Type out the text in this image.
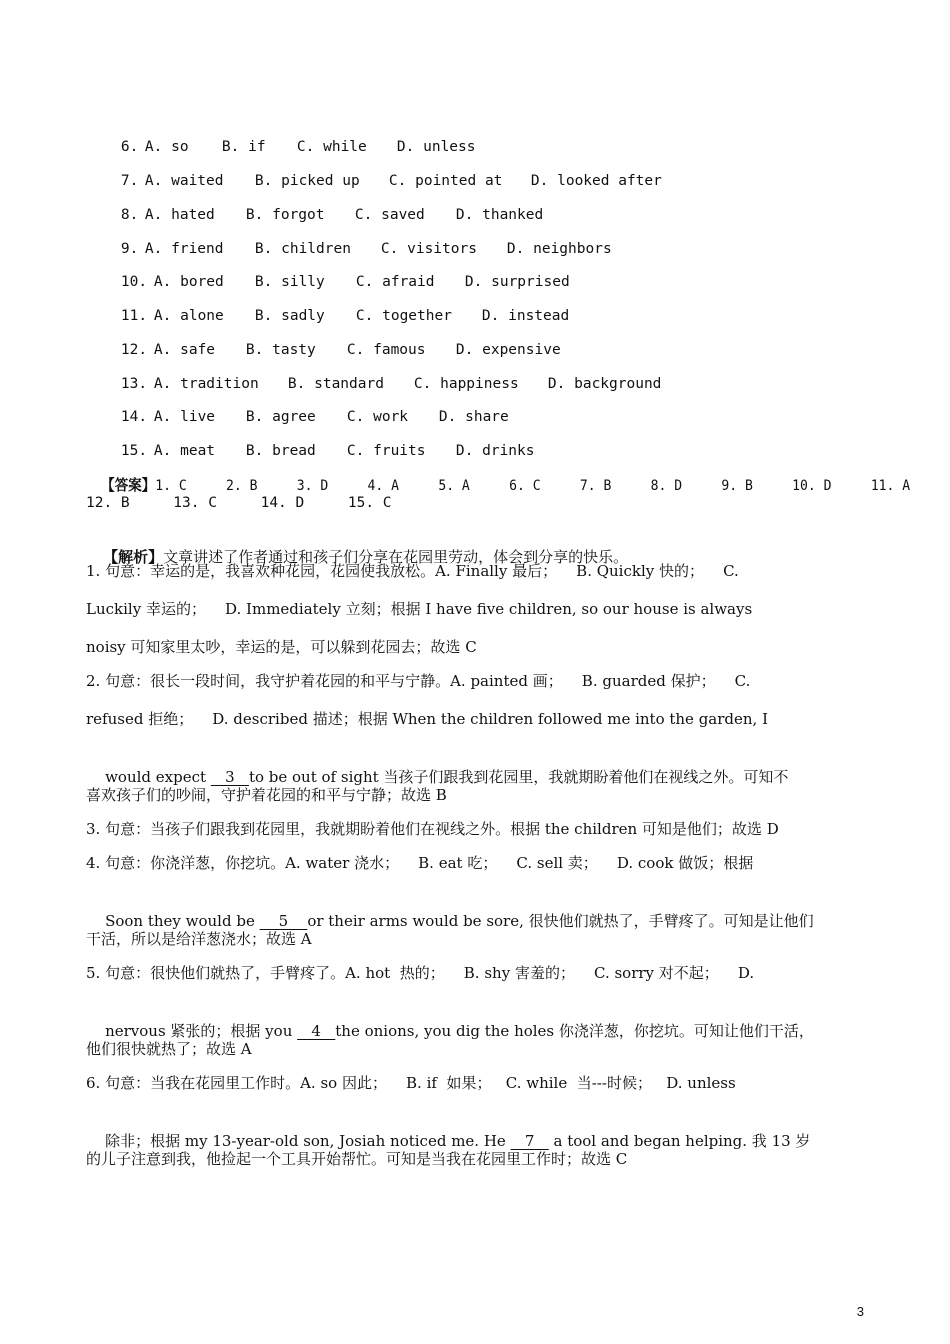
6. A. so B. if C. while D. unless

7. A. waited B. picked up C. pointed at D. looked after

8. A. hated B. forgot C. saved D. thanked

9. A. friend B. children C. visitors D. neighbors

10. A. bored B. silly C. afraid D. surprised

11. A. alone B. sadly C. together D. instead

12. A. safe B. tasty C. famous D. expensive

13. A. tradition B. standard C. happiness D. background

14. A. live B. agree C. work D. share

15. A. meat B. bread C. fruits D. drinks

【答案】1. C     2. B     3. D     4. A     5. A     6. C     7. B     8. D     9. B     10. D     11. A

12. B     13. C     14. D     15. C

【解析】文章讲述了作者通过和孩子们分享在花园里劳动，体会到分享的快乐。

1. 句意：幸运的是，我喜欢种花园，花园使我放松。A. Finally 最后；    B. Quickly 快的；    C.
Luckily 幸运的；    D. Immediately 立刻；根据 I have five children, so our house is always
noisy 可知家里太吵，幸运的是，可以躲到花园去；故选 C
2. 句意：很长一段时间，我守护着花园的和平与宁静。A. painted 画；    B. guarded 保护；    C.
refused 拒绝；    D. described 描述；根据 When the children followed me into the garden, I

would expect    3   to be out of sight 当孩子们跟我到花园里，我就期盼着他们在视线之外。可知不

喜欢孩子们的吵闹，守护着花园的和平与宁静；故选 B
3. 句意：当孩子们跟我到花园里，我就期盼着他们在视线之外。根据 the children 可知是他们；故选 D
4. 句意：你浇洋葱，你挖坑。A. water 浇水；    B. eat 吃；    C. sell 卖；    D. cook 做饭；根据

Soon they would be     5    or their arms would be sore, 很快他们就热了，手臂疼了。可知是让他们

干活，所以是给洋葱浇水；故选 A
5. 句意：很快他们就热了，手臂疼了。A. hot  热的；    B. shy 害羞的；    C. sorry 对不起；    D.

nervous 紧张的；根据 you    4   the onions, you dig the holes 你浇洋葱，你挖坑。可知让他们干活，

他们很快就热了；故选 A
6. 句意：当我在花园里工作时。A. so 因此；    B. if  如果；   C. while  当---时候；   D. unless

除非；根据 my 13-year-old son, Josiah noticed me. He    7    a tool and began helping. 我 13 岁

的儿子注意到我，他捡起一个工具开始帮忙。可知是当我在花园里工作时；故选 C
3
